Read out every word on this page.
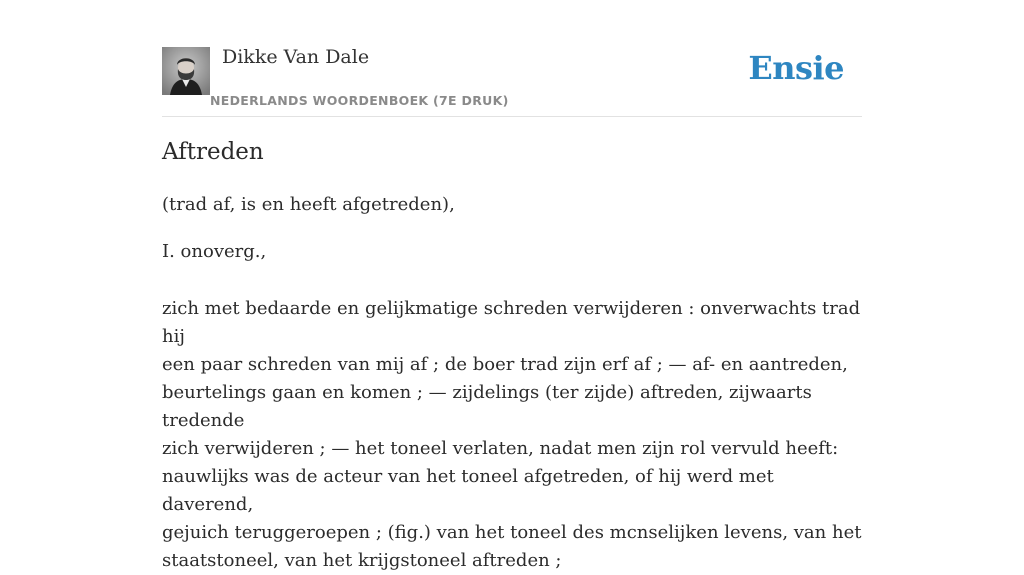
Dikke Van Dale
NEDERLANDS WOORDENBOEK (7E DRUK)
Ensie
Aftreden

(trad af, is en heeft afgetreden),

I. onoverg.,

zich met bedaarde en gelijkmatige schreden verwijderen : onverwachts trad hij
een paar schreden van mij af ; de boer trad zijn erf af ; — af- en aantreden,
beurtelings gaan en komen ; — zijdelings (ter zijde) aftreden, zijwaarts tredende
zich verwijderen ; — het toneel verlaten, nadat men zijn rol vervuld heeft:
nauwlijks was de acteur van het toneel afgetreden, of hij werd met daverend,
gejuich teruggeroepen ; (fig.) van het toneel des mcnselijken levens, van het
staatstoneel, van het krijgstoneel aftreden ;
